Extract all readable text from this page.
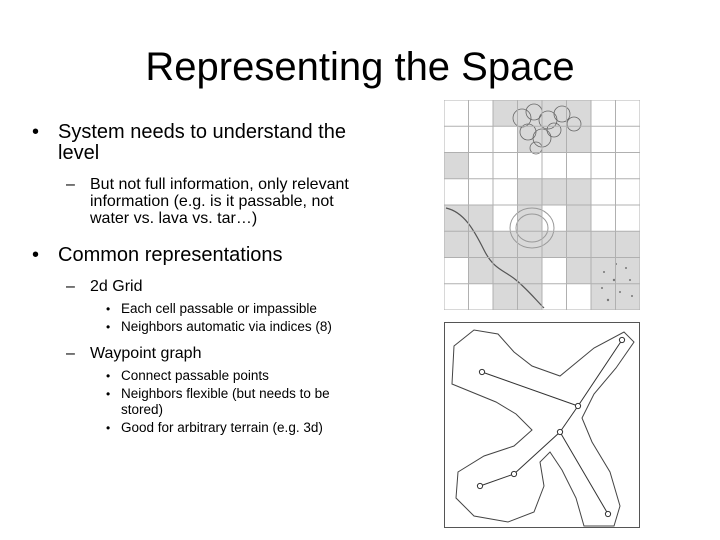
Representing the Space
• System needs to understand the level
– But not full information, only relevant information (e.g. is it passable, not water vs. lava vs. tar…)
• Common representations
– 2d Grid
• Each cell passable or impassible
• Neighbors automatic via indices (8)
– Waypoint graph
• Connect passable points
• Neighbors flexible (but needs to be stored)
• Good for arbitrary terrain (e.g. 3d)
